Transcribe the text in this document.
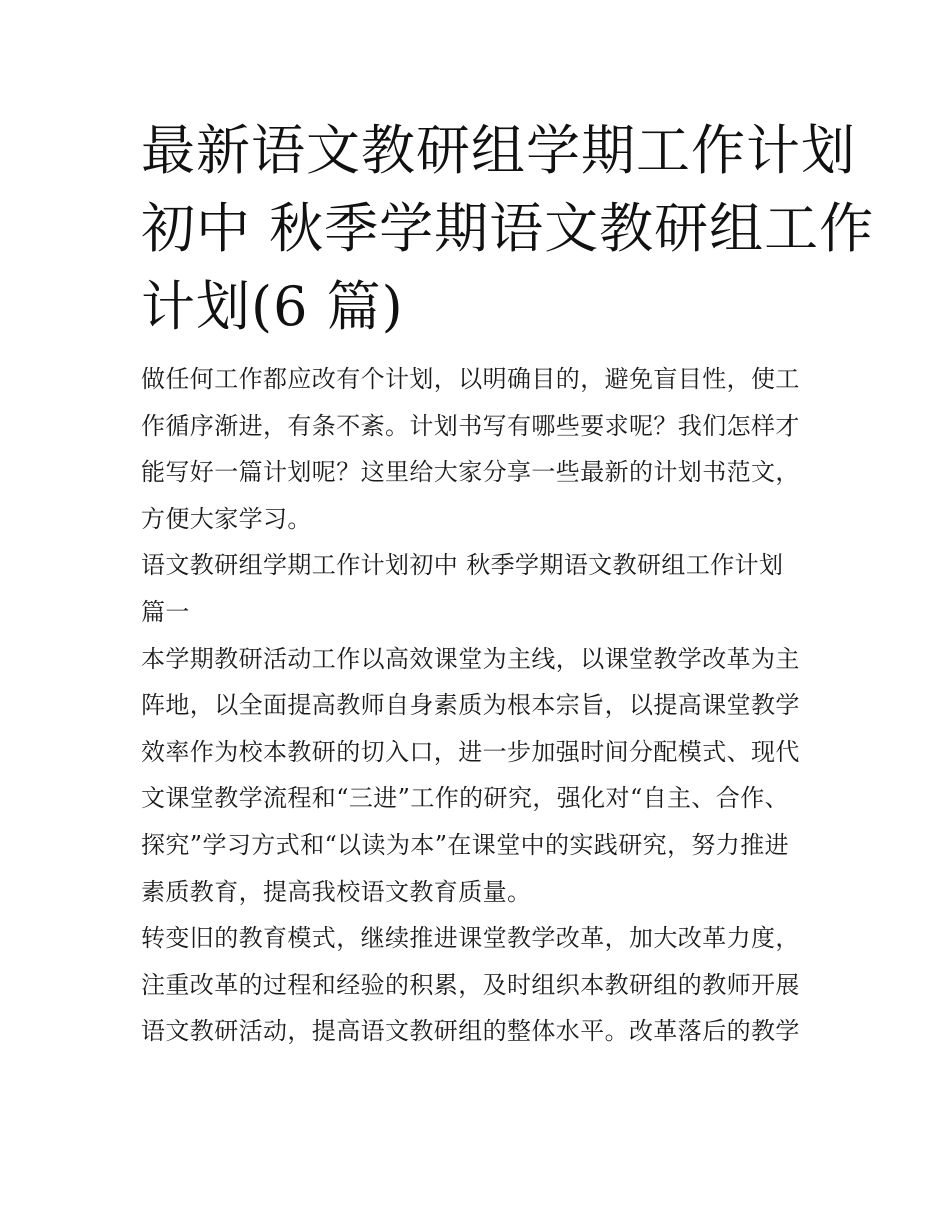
最新语文教研组学期工作计划
初中 秋季学期语文教研组工作
计划(6 篇)

做任何工作都应改有个计划，以明确目的，避免盲目性，使工
作循序渐进，有条不紊。计划书写有哪些要求呢？我们怎样才
能写好一篇计划呢？这里给大家分享一些最新的计划书范文，
方便大家学习。

语文教研组学期工作计划初中 秋季学期语文教研组工作计划
篇一

本学期教研活动工作以高效课堂为主线，以课堂教学改革为主
阵地，以全面提高教师自身素质为根本宗旨，以提高课堂教学
效率作为校本教研的切入口，进一步加强时间分配模式、现代
文课堂教学流程和“三进”工作的研究，强化对“自主、合作、
探究”学习方式和“以读为本”在课堂中的实践研究，努力推进
素质教育，提高我校语文教育质量。

转变旧的教育模式，继续推进课堂教学改革，加大改革力度，
注重改革的过程和经验的积累，及时组织本教研组的教师开展
语文教研活动，提高语文教研组的整体水平。改革落后的教学
